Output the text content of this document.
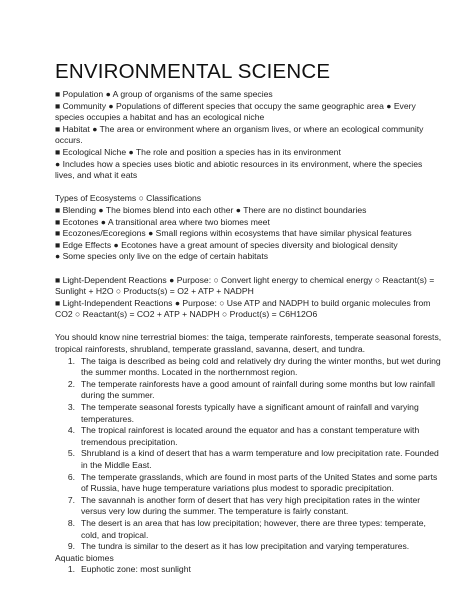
ENVIRONMENTAL SCIENCE

■ Population ● A group of organisms of the same species

■ Community ● Populations of different species that occupy the same geographic area ● Every species occupies a habitat and has an ecological niche

■ Habitat ● The area or environment where an organism lives, or where an ecological community occurs.

■ Ecological Niche ● The role and position a species has in its environment

● Includes how a species uses biotic and abiotic resources in its environment, where the species lives, and what it eats

Types of Ecosystems ○ Classifications

■ Blending ● The biomes blend into each other ● There are no distinct boundaries

■ Ecotones ● A transitional area where two biomes meet

■ Ecozones/Ecoregions ● Small regions within ecosystems that have similar physical features

■ Edge Effects ● Ecotones have a great amount of species diversity and biological density

● Some species only live on the edge of certain habitats

■ Light-Dependent Reactions ● Purpose: ○ Convert light energy to chemical energy ○ Reactant(s) = Sunlight + H2O ○ Products(s) = O2 + ATP + NADPH

■ Light-Independent Reactions ● Purpose: ○ Use ATP and NADPH to build organic molecules from CO2 ○ Reactant(s) = CO2 + ATP + NADPH ○ Product(s) = C6H12O6

You should know nine terrestrial biomes: the taiga, temperate rainforests, temperate seasonal forests, tropical rainforests, shrubland, temperate grassland, savanna, desert, and tundra.

1. The taiga is described as being cold and relatively dry during the winter months, but wet during the summer months. Located in the northernmost region.
2. The temperate rainforests have a good amount of rainfall during some months but low rainfall during the summer.
3. The temperate seasonal forests typically have a significant amount of rainfall and varying temperatures.
4. The tropical rainforest is located around the equator and has a constant temperature with tremendous precipitation.
5. Shrubland is a kind of desert that has a warm temperature and low precipitation rate. Founded in the Middle East.
6. The temperate grasslands, which are found in most parts of the United States and some parts of Russia, have huge temperature variations plus modest to sporadic precipitation.
7. The savannah is another form of desert that has very high precipitation rates in the winter versus very low during the summer. The temperature is fairly constant.
8. The desert is an area that has low precipitation; however, there are three types: temperate, cold, and tropical.
9. The tundra is similar to the desert as it has low precipitation and varying temperatures.

Aquatic biomes

1. Euphotic zone: most sunlight
